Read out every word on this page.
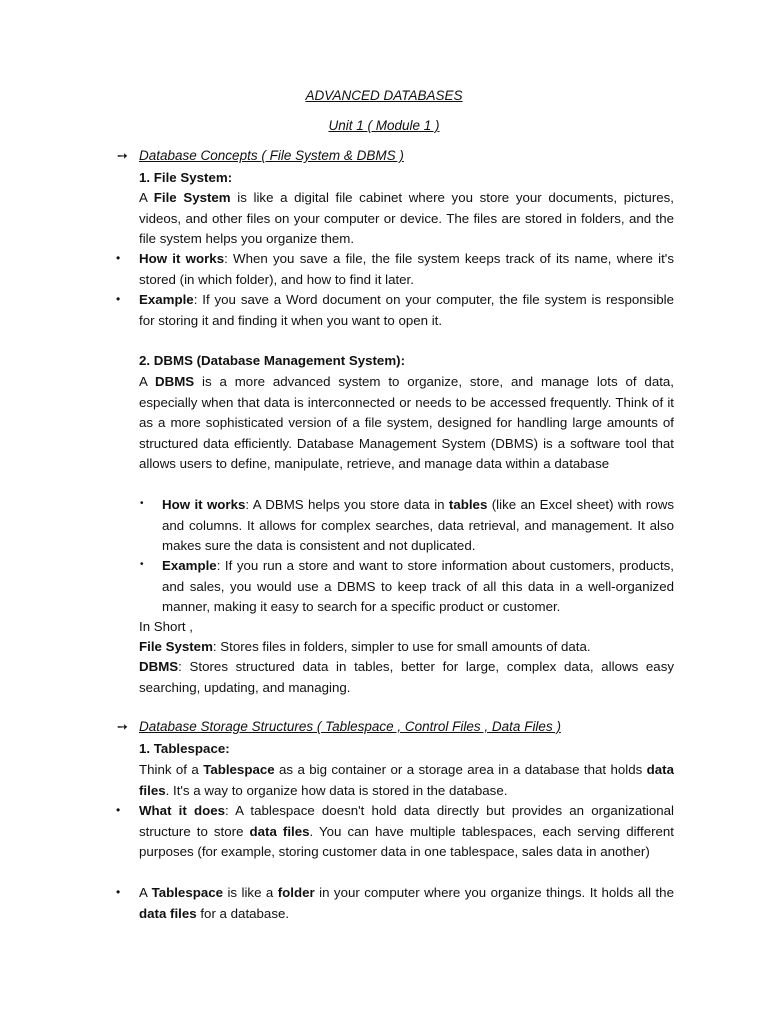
ADVANCED DATABASES
Unit 1 ( Module 1 )
➙ Database Concepts ( File System & DBMS )
1. File System:
A File System is like a digital file cabinet where you store your documents, pictures, videos, and other files on your computer or device. The files are stored in folders, and the file system helps you organize them.
• How it works: When you save a file, the file system keeps track of its name, where it's stored (in which folder), and how to find it later.
• Example: If you save a Word document on your computer, the file system is responsible for storing it and finding it when you want to open it.
2. DBMS (Database Management System):
A DBMS is a more advanced system to organize, store, and manage lots of data, especially when that data is interconnected or needs to be accessed frequently. Think of it as a more sophisticated version of a file system, designed for handling large amounts of structured data efficiently. Database Management System (DBMS) is a software tool that allows users to define, manipulate, retrieve, and manage data within a database
• How it works: A DBMS helps you store data in tables (like an Excel sheet) with rows and columns. It allows for complex searches, data retrieval, and management. It also makes sure the data is consistent and not duplicated.
• Example: If you run a store and want to store information about customers, products, and sales, you would use a DBMS to keep track of all this data in a well-organized manner, making it easy to search for a specific product or customer.
In Short ,
File System: Stores files in folders, simpler to use for small amounts of data.
DBMS: Stores structured data in tables, better for large, complex data, allows easy searching, updating, and managing.
➙ Database Storage Structures ( Tablespace , Control Files , Data Files )
1. Tablespace:
Think of a Tablespace as a big container or a storage area in a database that holds data files. It's a way to organize how data is stored in the database.
• What it does: A tablespace doesn't hold data directly but provides an organizational structure to store data files. You can have multiple tablespaces, each serving different purposes (for example, storing customer data in one tablespace, sales data in another)
• A Tablespace is like a folder in your computer where you organize things. It holds all the data files for a database.
